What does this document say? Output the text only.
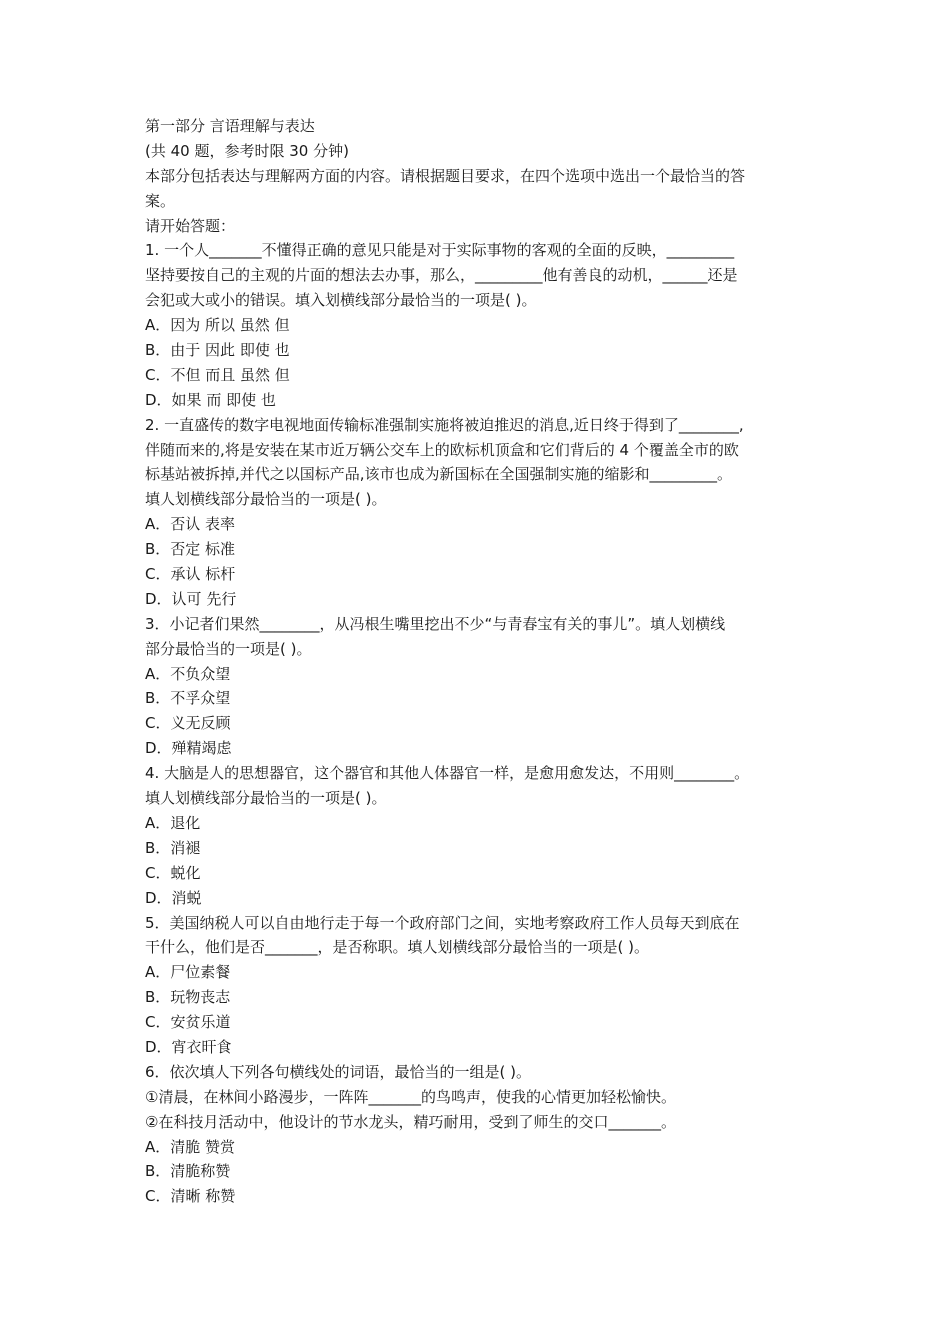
第一部分 言语理解与表达
(共 40 题，参考时限 30 分钟)
本部分包括表达与理解两方面的内容。请根据题目要求，在四个选项中选出一个最恰当的答
案。
请开始答题：
1. 一个人_______不懂得正确的意见只能是对于实际事物的客观的全面的反映，_________
坚持要按自己的主观的片面的想法去办事，那么，_________他有善良的动机，______还是
会犯或大或小的错误。填入划横线部分最恰当的一项是( )。
A．因为 所以 虽然 但
B．由于 因此 即使 也
C．不但 而且 虽然 但
D．如果 而 即使 也
2. 一直盛传的数字电视地面传输标准强制实施将被迫推迟的消息,近日终于得到了________,
伴随而来的,将是安装在某市近万辆公交车上的欧标机顶盒和它们背后的 4 个覆盖全市的欧
标基站被拆掉,并代之以国标产品,该市也成为新国标在全国强制实施的缩影和_________。
填人划横线部分最恰当的一项是( )。
A．否认 表率
B．否定 标准
C．承认 标杆
D．认可 先行
3．小记者们果然________，从冯根生嘴里挖出不少“与青春宝有关的事儿”。填人划横线
部分最恰当的一项是( )。
A．不负众望
B．不孚众望
C．义无反顾
D．殚精竭虑
4. 大脑是人的思想器官，这个器官和其他人体器官一样，是愈用愈发达，不用则________。
填人划横线部分最恰当的一项是( )。
A．退化
B．消褪
C．蜕化
D．消蜕
5．美国纳税人可以自由地行走于每一个政府部门之间，实地考察政府工作人员每天到底在
干什么，他们是否_______，是否称职。填人划横线部分最恰当的一项是( )。
A．尸位素餐
B．玩物丧志
C．安贫乐道
D．宵衣旰食
6．依次填人下列各句横线处的词语，最恰当的一组是( )。
①清晨，在林间小路漫步，一阵阵_______的鸟鸣声，使我的心情更加轻松愉快。
②在科技月活动中，他设计的节水龙头，精巧耐用，受到了师生的交口_______。
A．清脆 赞赏
B．清脆称赞
C．清晰 称赞
